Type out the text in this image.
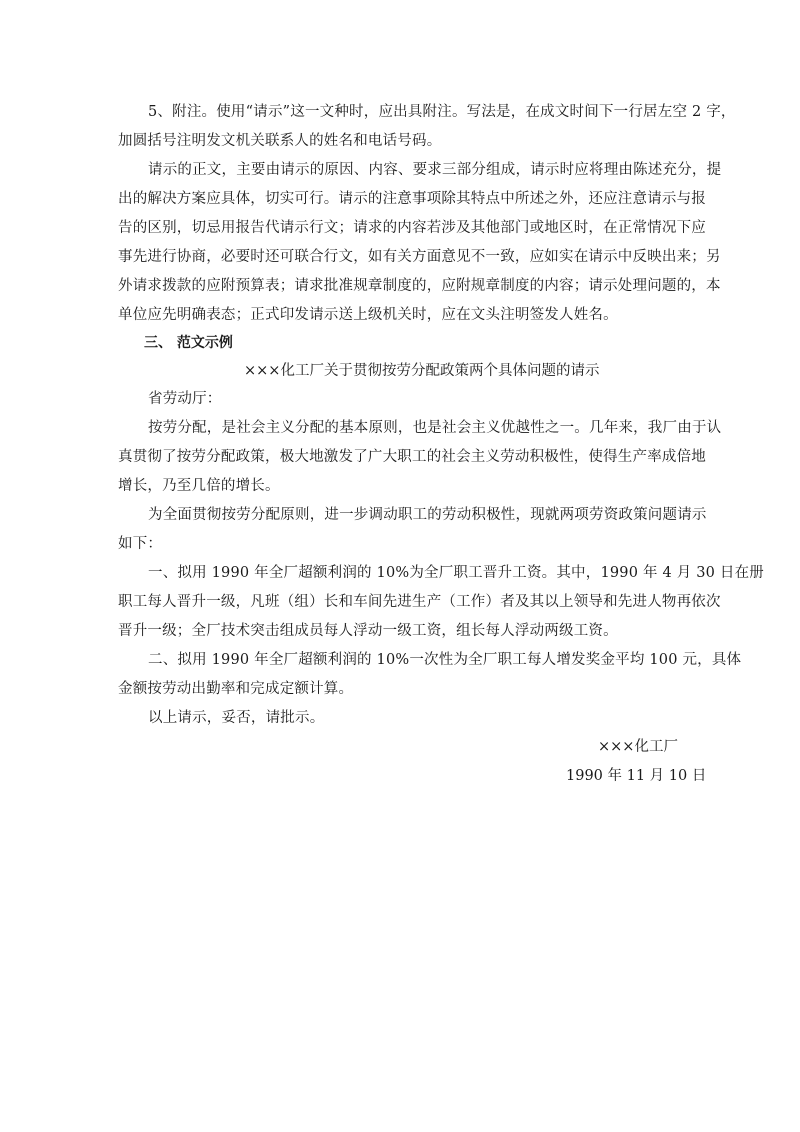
5、附注。使用“请示”这一文种时，应出具附注。写法是，在成文时间下一行居左空 2 字，
加圆括号注明发文机关联系人的姓名和电话号码。
请示的正文，主要由请示的原因、内容、要求三部分组成，请示时应将理由陈述充分，提
出的解决方案应具体，切实可行。请示的注意事项除其特点中所述之外，还应注意请示与报
告的区别，切忌用报告代请示行文；请求的内容若涉及其他部门或地区时，在正常情况下应
事先进行协商，必要时还可联合行文，如有关方面意见不一致，应如实在请示中反映出来；另
外请求拨款的应附预算表；请求批准规章制度的，应附规章制度的内容；请示处理问题的，本
单位应先明确表态；正式印发请示送上级机关时，应在文头注明签发人姓名。
三、 范文示例
×××化工厂关于贯彻按劳分配政策两个具体问题的请示
省劳动厅：
按劳分配，是社会主义分配的基本原则，也是社会主义优越性之一。几年来，我厂由于认
真贯彻了按劳分配政策，极大地激发了广大职工的社会主义劳动积极性，使得生产率成倍地
增长，乃至几倍的增长。
为全面贯彻按劳分配原则，进一步调动职工的劳动积极性，现就两项劳资政策问题请示
如下：
一、拟用 1990 年全厂超额利润的 10%为全厂职工晋升工资。其中，1990 年 4 月 30 日在册
职工每人晋升一级，凡班（组）长和车间先进生产（工作）者及其以上领导和先进人物再依次
晋升一级；全厂技术突击组成员每人浮动一级工资，组长每人浮动两级工资。
二、拟用 1990 年全厂超额利润的 10%一次性为全厂职工每人增发奖金平均 100 元，具体
金额按劳动出勤率和完成定额计算。
以上请示，妥否，请批示。
×××化工厂
1990 年 11 月 10 日
